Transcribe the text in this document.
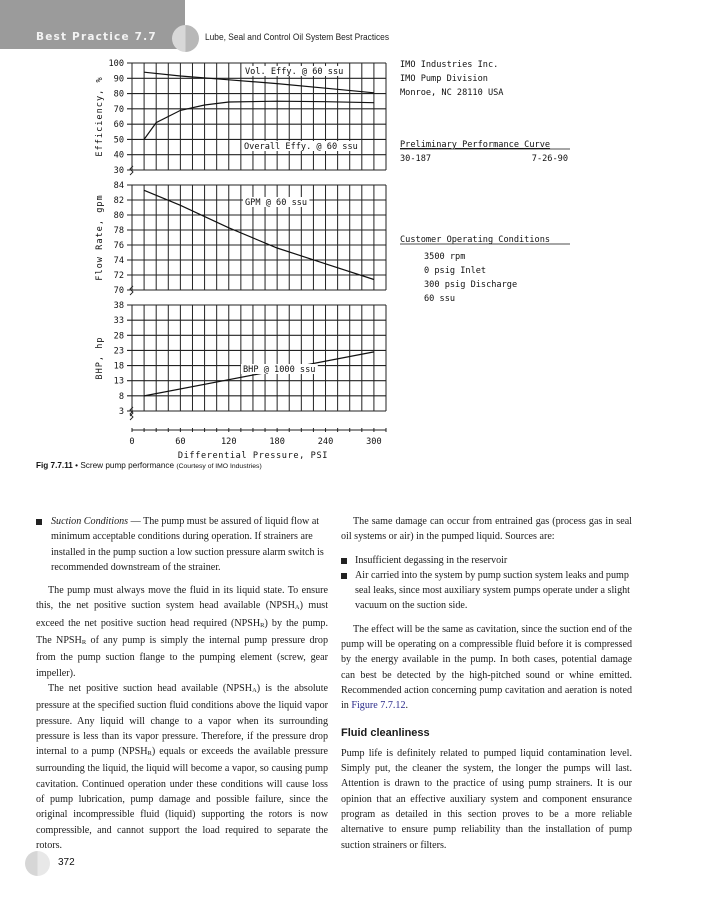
Best Practice 7.7	Lube, Seal and Control Oil System Best Practices
100
90
80
70
60
50
40
30
Efficiency, %
Vol. Effy. @ 60 ssu
Overall Effy. @ 60 ssu
84
82
80
78
76
74
72
70
Flow Rate, gpm	GPM @ 60 ssu
38
33
28
23
18
13
8
3
BHP, hp	BHP @ 1000 ssu
0	60	120	180	240	300
Differential Pressure, PSI
IMO Industries Inc.
IMO Pump Division
Monroe, NC 28110 USA
Preliminary Performance Curve
30-187	7-26-90
Customer Operating Conditions
3500 rpm
0 psig Inlet
300 psig Discharge
60 ssu
Fig 7.7.11 • Screw pump performance (Courtesy of IMO Industries)

Suction Conditions — The pump must be assured of liquid flow at minimum acceptable conditions during operation. If strainers are installed in the pump suction a low suction pressure alarm switch is recommended downstream of the strainer.

The pump must always move the fluid in its liquid state. To ensure this, the net positive suction system head available $(NPSH_A)$ must exceed the net positive suction head required $(NPSH_R)$ by the pump. The $NPSH_R$ of any pump is simply the internal pump pressure drop from the pump suction flange to the pumping element (screw, gear impeller).

The net positive suction head available $(NPSH_A)$ is the absolute pressure at the specified suction fluid conditions above the liquid vapor pressure. Any liquid will change to a vapor when its surrounding pressure is less than its vapor pressure. Therefore, if the pressure drop internal to a pump $(NPSH_R)$ equals or exceeds the available pressure surrounding the liquid, the liquid will become a vapor, so causing pump cavitation. Continued operation under these conditions will cause loss of pump lubrication, pump damage and possible failure, since the original incompressible fluid (liquid) supporting the rotors is now compressible, and cannot support the load required to separate the rotors.

The same damage can occur from entrained gas (process gas in seal oil systems or air) in the pumped liquid. Sources are:

Insufficient degassing in the reservoir

Air carried into the system by pump suction system leaks and pump seal leaks, since most auxiliary system pumps operate under a slight vacuum on the suction side.

The effect will be the same as cavitation, since the suction end of the pump will be operating on a compressible fluid before it is compressed by the energy available in the pump. In both cases, potential damage can best be detected by the high-pitched sound or whine emitted. Recommended action concerning pump cavitation and aeration is noted in Figure 7.7.12.

Fluid cleanliness

Pump life is definitely related to pumped liquid contamination level. Simply put, the cleaner the system, the longer the pumps will last. Attention is drawn to the practice of using pump strainers. It is our opinion that an effective auxiliary system and component ensurance program as detailed in this section proves to be a more reliable alternative to ensure pump reliability than the installation of pump suction strainers or filters.

372
